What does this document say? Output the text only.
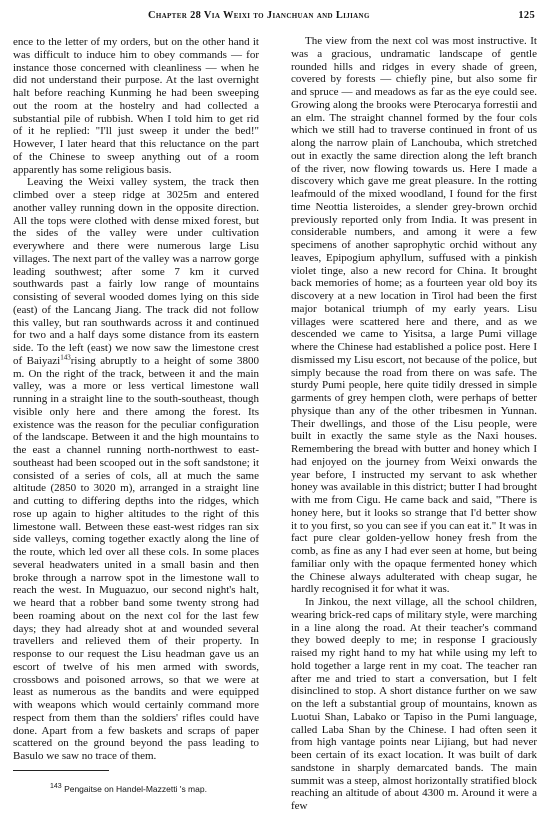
Chapter 28 Via Weixi to Jianchuan and Lijiang	125

ence to the letter of my orders, but on the other hand it was difficult to induce him to obey commands — for instance those concerned with cleanliness — when he did not understand their purpose. At the last overnight halt before reaching Kunming he had been sweeping out the room at the hostelry and had collected a substantial pile of rubbish. When I told him to get rid of it he replied: "I'll just sweep it under the bed!" However, I later heard that this reluctance on the part of the Chinese to sweep anything out of a room apparently has some religious basis.

Leaving the Weixi valley system, the track then climbed over a steep ridge at 3025m and entered another valley running down in the opposite direction. All the tops were clothed with dense mixed forest, but the sides of the valley were under cultivation everywhere and there were numerous large Lisu villages. The next part of the valley was a narrow gorge leading southwest; after some 7 km it curved southwards past a fairly low range of mountains consisting of several wooded domes lying on this side (east) of the Lancang Jiang. The track did not follow this valley, but ran southwards across it and continued for two and a half days some distance from its eastern side. To the left (east) we now saw the limestone crest of Baiyazi$^{143}$rising abruptly to a height of some 3800 m. On the right of the track, between it and the main valley, was a more or less vertical limestone wall running in a straight line to the south-southeast, though visible only here and there among the forest. Its existence was the reason for the peculiar configuration of the landscape. Between it and the high mountains to the east a channel running north-northwest to east-southeast had been scooped out in the soft sandstone; it consisted of a series of cols, all at much the same altitude (2850 to 3020 m), arranged in a straight line and cutting to differing depths into the ridges, which rose up again to higher altitudes to the right of this limestone wall. Between these east-west ridges ran six side valleys, coming together exactly along the line of the route, which led over all these cols. In some places several headwaters united in a small basin and then broke through a narrow spot in the limestone wall to reach the west. In Muguazuo, our second night's halt, we heard that a robber band some twenty strong had been roaming about on the next col for the last few days; they had already shot at and wounded several travellers and relieved them of their property. In response to our request the Lisu headman gave us an escort of twelve of his men armed with swords, crossbows and poisoned arrows, so that we were at least as numerous as the bandits and were equipped with weapons which would certainly command more respect from them than the soldiers' rifles could have done. Apart from a few baskets and scraps of paper scattered on the ground beyond the pass leading to Basulo we saw no trace of them.

The view from the next col was most instructive. It was a gracious, undramatic landscape of gentle rounded hills and ridges in every shade of green, covered by forests — chiefly pine, but also some fir and spruce — and meadows as far as the eye could see. Growing along the brooks were Pterocarya forrestii and an elm. The straight channel formed by the four cols which we still had to traverse continued in front of us along the narrow plain of Lanchouba, which stretched out in exactly the same direction along the left branch of the river, now flowing towards us. Here I made a discovery which gave me great pleasure. In the rotting leafmould of the mixed woodland, I found for the first time Neottia listeroides, a slender grey-brown orchid previously reported only from India. It was present in considerable numbers, and among it were a few specimens of another saprophytic orchid without any leaves, Epipogium aphyllum, suffused with a pinkish violet tinge, also a new record for China. It brought back memories of home; as a fourteen year old boy its discovery at a new location in Tirol had been the first major botanical triumph of my early years. Lisu villages were scattered here and there, and as we descended we came to Yisitsa, a large Pumi village where the Chinese had established a police post. Here I dismissed my Lisu escort, not because of the police, but simply because the road from there on was safe. The sturdy Pumi people, here quite tidily dressed in simple garments of grey hempen cloth, were perhaps of better physique than any of the other tribesmen in Yunnan. Their dwellings, and those of the Lisu people, were built in exactly the same style as the Naxi houses. Remembering the bread with butter and honey which I had enjoyed on the journey from Weixi onwards the year before, I instructed my servant to ask whether honey was available in this district; butter I had brought with me from Cigu. He came back and said, "There is honey here, but it looks so strange that I'd better show it to you first, so you can see if you can eat it." It was in fact pure clear golden-yellow honey fresh from the comb, as fine as any I had ever seen at home, but being familiar only with the opaque fermented honey which the Chinese always adulterated with cheap sugar, he hardly recognised it for what it was.

In Jinkou, the next village, all the school children, wearing brick-red caps of military style, were marching in a line along the road. At their teacher's command they bowed deeply to me; in response I graciously raised my right hand to my hat while using my left to hold together a large rent in my coat. The teacher ran after me and tried to start a conversation, but I felt disinclined to stop. A short distance further on we saw on the left a substantial group of mountains, known as Luotui Shan, Labako or Tapiso in the Pumi language, called Laba Shan by the Chinese. I had often seen it from high vantage points near Lijiang, but had never been certain of its exact location. It was built of dark sandstone in sharply demarcated bands. The main summit was a steep, almost horizontally stratified block reaching an altitude of about 4300 m. Around it were a few

$^{143}$ Pengaitse on Handel-Mazzetti 's map.
